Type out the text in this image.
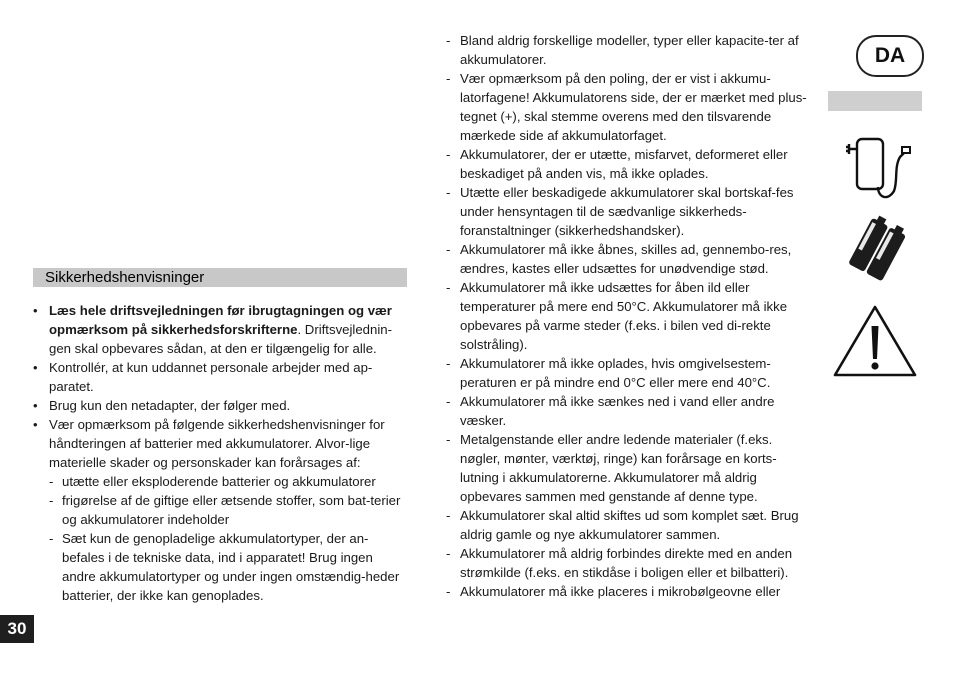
Sikkerhedshenvisninger
• Læs hele driftsvejledningen før ibrugtagningen og vær opmærksom på sikkerhedsforskrifterne. Driftsvejlednin-gen skal opbevares sådan, at den er tilgængelig for alle.
• Kontrollér, at kun uddannet personale arbejder med ap-paratet.
• Brug kun den netadapter, der følger med.
• Vær opmærksom på følgende sikkerhedshenvisninger for håndteringen af batterier med akkumulatorer. Alvor-lige materielle skader og personskader kan forårsages af:
- utætte eller eksploderende batterier og akkumulatorer
- frigørelse af de giftige eller ætsende stoffer, som bat-terier og akkumulatorer indeholder
- Sæt kun de genopladelige akkumulatortyper, der an-befales i de tekniske data, ind i apparatet! Brug ingen andre akkumulatortyper og under ingen omstændig-heder batterier, der ikke kan genoplades.
- Bland aldrig forskellige modeller, typer eller kapacite-ter af akkumulatorer.
- Vær opmærksom på den poling, der er vist i akkumu-latorfagene! Akkumulatorens side, der er mærket med plus-tegnet (+), skal stemme overens med den tilsvarende mærkede side af akkumulatorfaget.
- Akkumulatorer, der er utætte, misfarvet, deformeret eller beskadiget på anden vis, må ikke oplades.
- Utætte eller beskadigede akkumulatorer skal bortskaf-fes under hensyntagen til de sædvanlige sikkerheds-foranstaltninger (sikkerhedshandsker).
- Akkumulatorer må ikke åbnes, skilles ad, gennembo-res, ændres, kastes eller udsættes for unødvendige stød.
- Akkumulatorer må ikke udsættes for åben ild eller temperaturer på mere end 50°C. Akkumulatorer må ikke opbevares på varme steder (f.eks. i bilen ved di-rekte solstråling).
- Akkumulatorer må ikke oplades, hvis omgivelsestem-peraturen er på mindre end 0°C eller mere end 40°C.
- Akkumulatorer må ikke sænkes ned i vand eller andre væsker.
- Metalgenstande eller andre ledende materialer (f.eks. nøgler, mønter, værktøj, ringe) kan forårsage en korts-lutning i akkumulatorerne. Akkumulatorer må aldrig opbevares sammen med genstande af denne type.
- Akkumulatorer skal altid skiftes ud som komplet sæt. Brug aldrig gamle og nye akkumulatorer sammen.
- Akkumulatorer må aldrig forbindes direkte med en anden strømkilde (f.eks. en stikdåse i boligen eller et bilbatteri).
- Akkumulatorer må ikke placeres i mikrobølgeovne eller
DA
30
